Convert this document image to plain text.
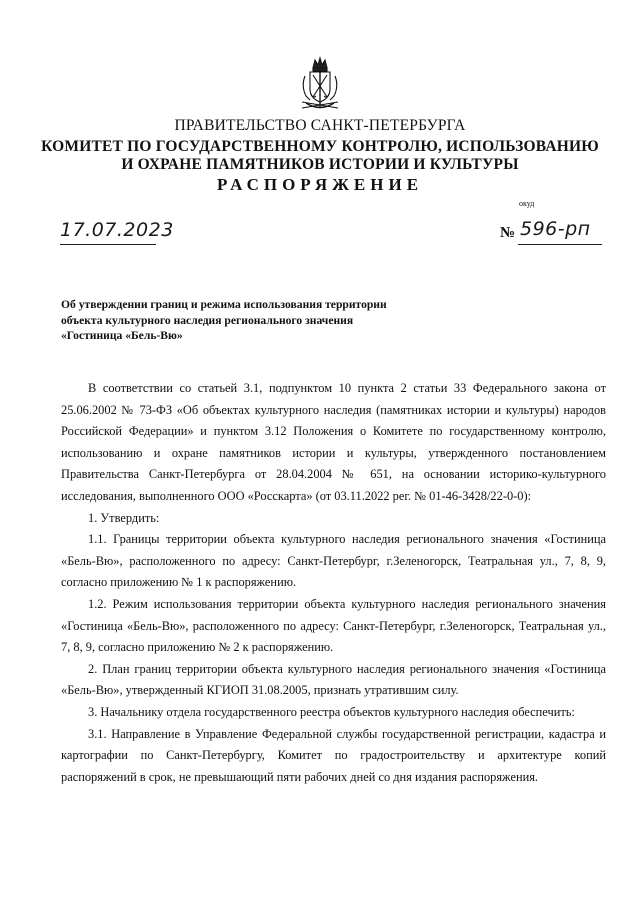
ПРАВИТЕЛЬСТВО САНКТ-ПЕТЕРБУРГА
КОМИТЕТ ПО ГОСУДАРСТВЕННОМУ КОНТРОЛЮ, ИСПОЛЬЗОВАНИЮ
И ОХРАНЕ ПАМЯТНИКОВ ИСТОРИИ И КУЛЬТУРЫ
РАСПОРЯЖЕНИЕ
окуд
17.07.2023	№ 596-рп
Об утверждении границ и режима использования территории
объекта культурного наследия регионального значения
«Гостиница «Бель-Вю»

В соответствии со статьей 3.1, подпунктом 10 пункта 2 статьи 33 Федерального закона от 25.06.2002 № 73-ФЗ «Об объектах культурного наследия (памятниках истории и культуры) народов Российской Федерации» и пунктом 3.12 Положения о Комитете по государственному контролю, использованию и охране памятников истории и культуры, утвержденного постановлением Правительства Санкт-Петербурга от 28.04.2004 № 651, на основании историко-культурного исследования, выполненного ООО «Росскарта» (от 03.11.2022 рег. № 01-46-3428/22-0-0):

1. Утвердить:

1.1. Границы территории объекта культурного наследия регионального значения «Гостиница «Бель-Вю», расположенного по адресу: Санкт-Петербург, г.Зеленогорск, Театральная ул., 7, 8, 9, согласно приложению № 1 к распоряжению.

1.2. Режим использования территории объекта культурного наследия регионального значения «Гостиница «Бель-Вю», расположенного по адресу: Санкт-Петербург, г.Зеленогорск, Театральная ул., 7, 8, 9, согласно приложению № 2 к распоряжению.

2. План границ территории объекта культурного наследия регионального значения «Гостиница «Бель-Вю», утвержденный КГИОП 31.08.2005, признать утратившим силу.

3. Начальнику отдела государственного реестра объектов культурного наследия обеспечить:

3.1. Направление в Управление Федеральной службы государственной регистрации, кадастра и картографии по Санкт-Петербургу, Комитет по градостроительству и архитектуре копий распоряжений в срок, не превышающий пяти рабочих дней со дня издания распоряжения.
